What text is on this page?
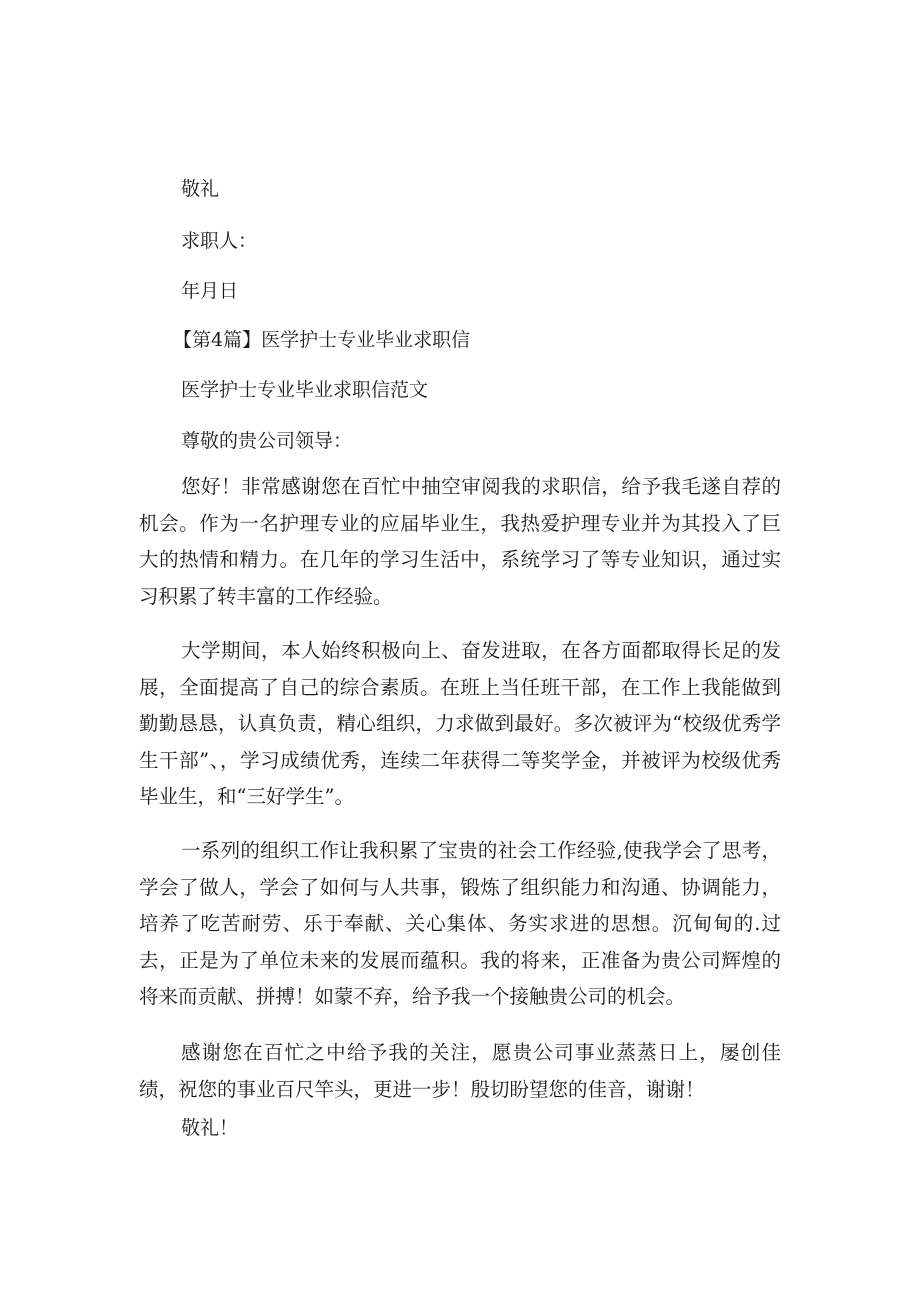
敬礼
求职人：
年月日
【第4篇】医学护士专业毕业求职信
医学护士专业毕业求职信范文
尊敬的贵公司领导：

您好！非常感谢您在百忙中抽空审阅我的求职信，给予我毛遂自荐的机会。作为一名护理专业的应届毕业生，我热爱护理专业并为其投入了巨大的热情和精力。在几年的学习生活中，系统学习了等专业知识，通过实习积累了转丰富的工作经验。

大学期间，本人始终积极向上、奋发进取，在各方面都取得长足的发展，全面提高了自己的综合素质。在班上当任班干部，在工作上我能做到勤勤恳恳，认真负责，精心组织，力求做到最好。多次被评为“校级优秀学生干部”、，学习成绩优秀，连续二年获得二等奖学金，并被评为校级优秀毕业生，和“三好学生”。

一系列的组织工作让我积累了宝贵的社会工作经验,使我学会了思考，学会了做人，学会了如何与人共事，锻炼了组织能力和沟通、协调能力，培养了吃苦耐劳、乐于奉献、关心集体、务实求进的思想。沉甸甸的.过去，正是为了单位未来的发展而蕴积。我的将来，正准备为贵公司辉煌的将来而贡献、拼搏！如蒙不弃，给予我一个接触贵公司的机会。

感谢您在百忙之中给予我的关注，愿贵公司事业蒸蒸日上，屡创佳绩，祝您的事业百尺竿头，更进一步！殷切盼望您的佳音，谢谢！

敬礼！
